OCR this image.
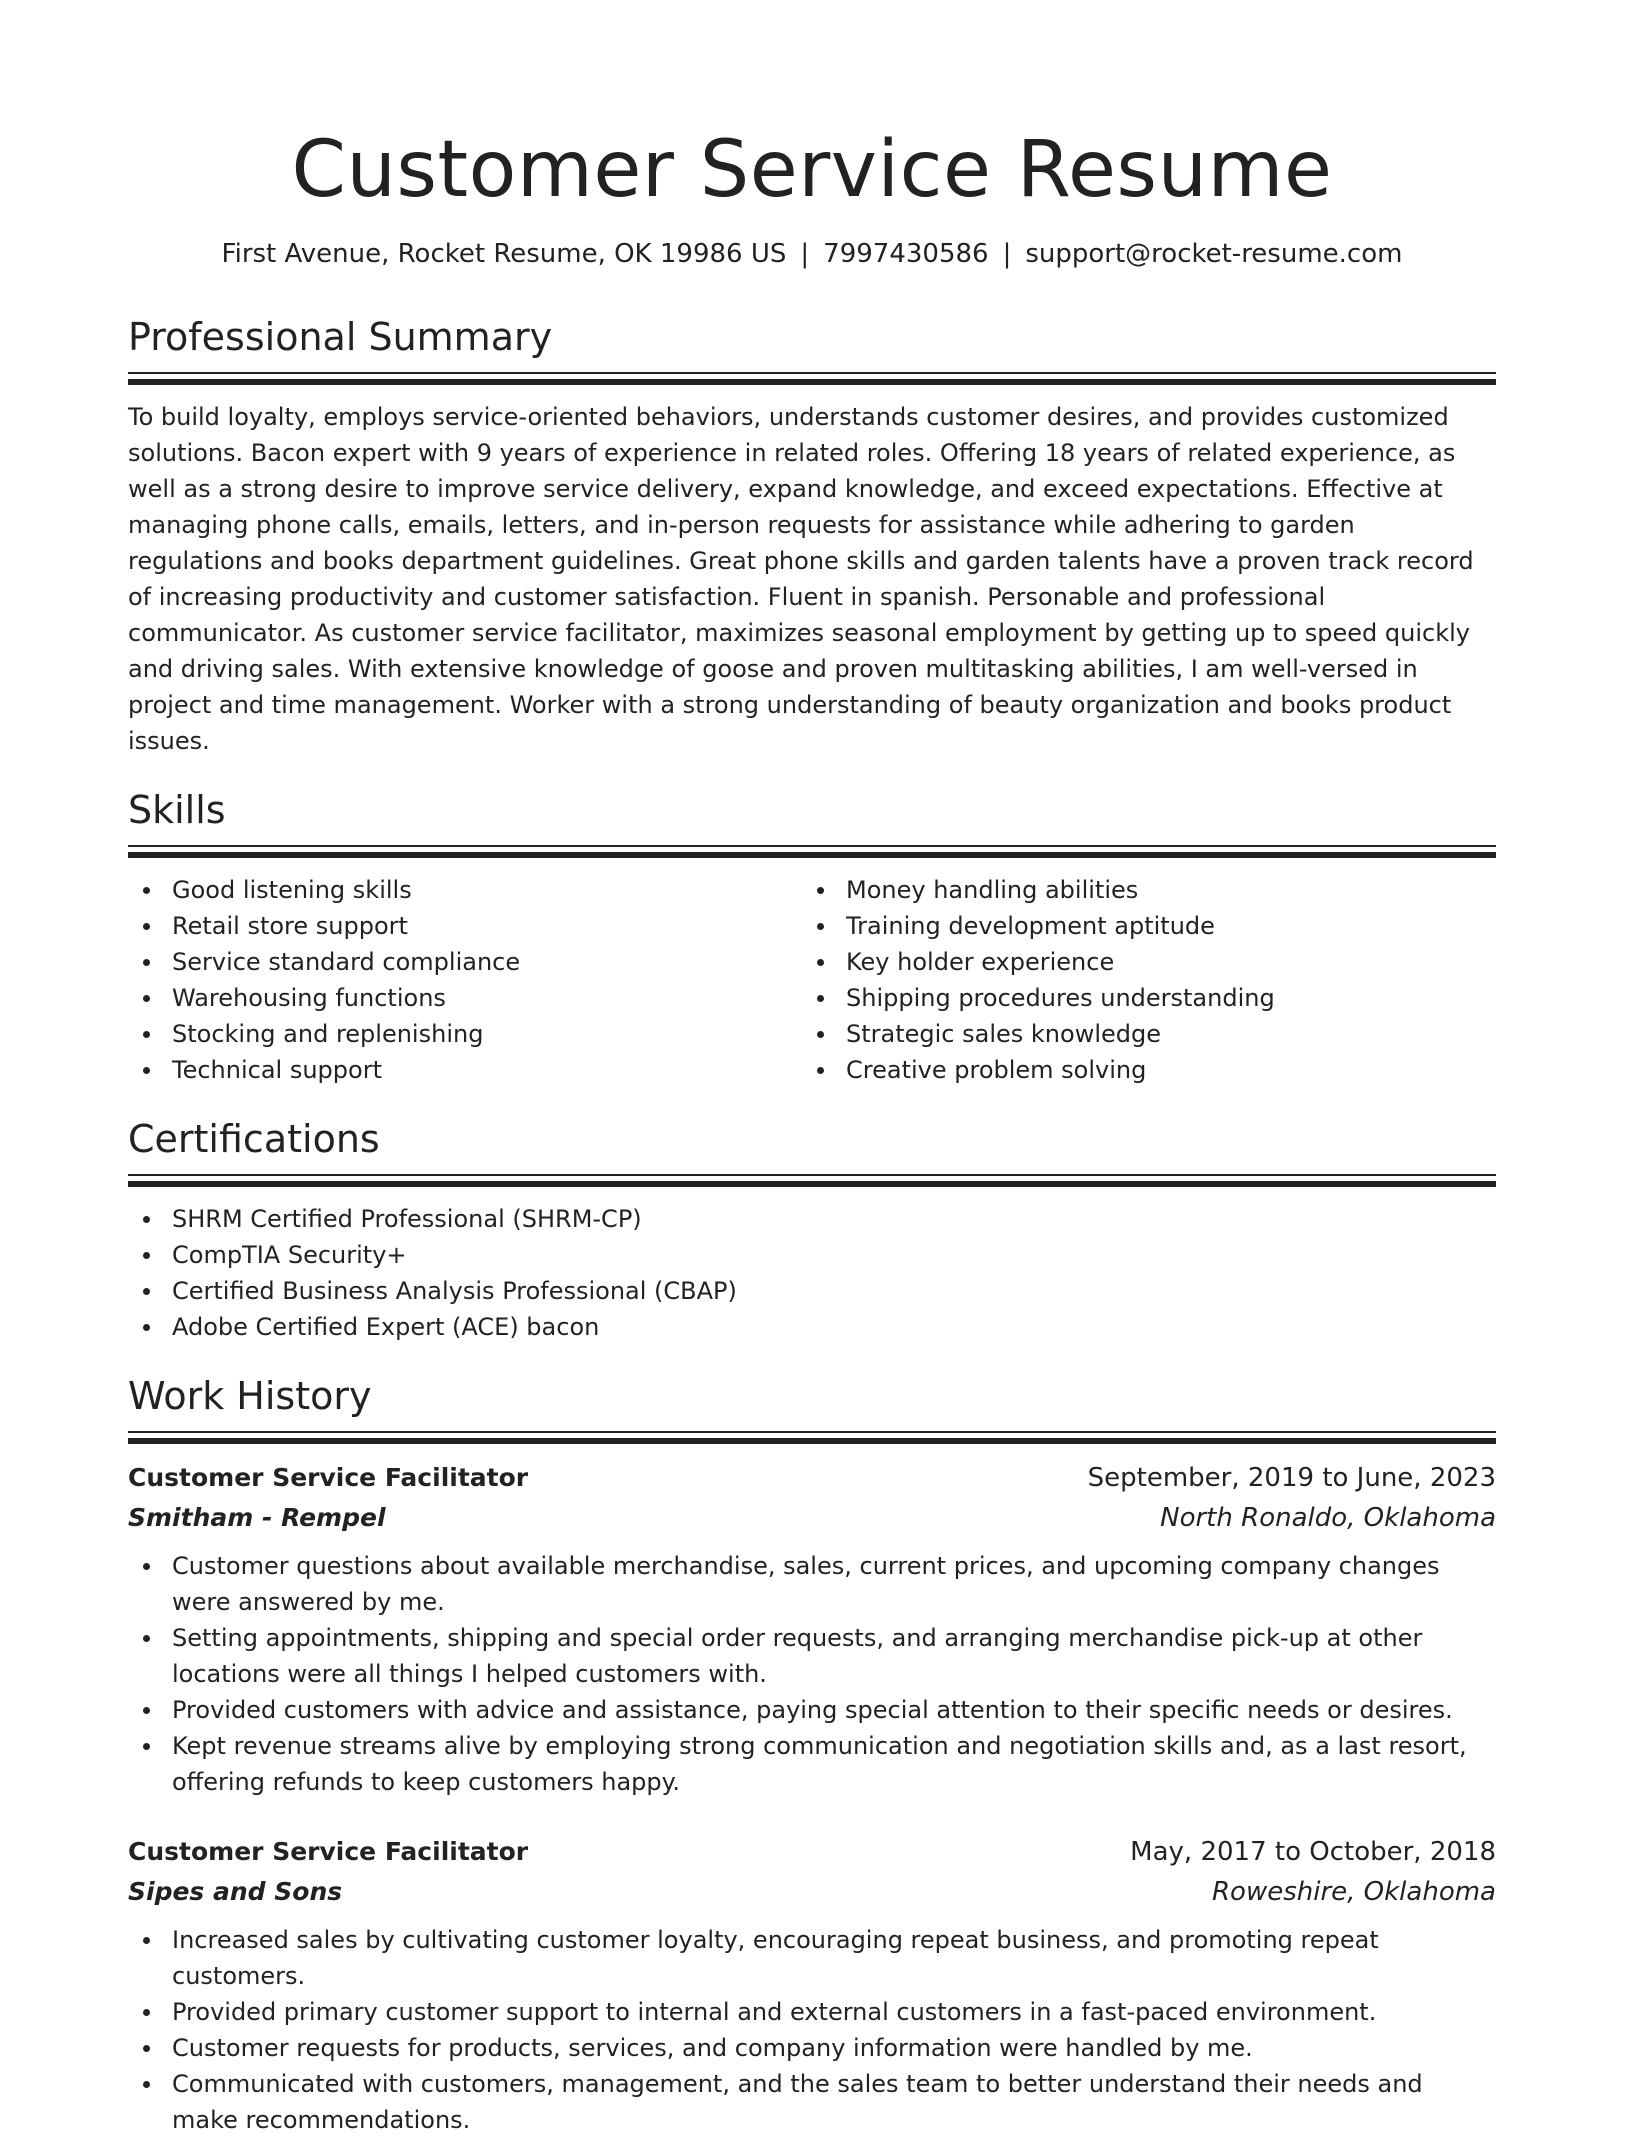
Customer Service Resume
First Avenue, Rocket Resume, OK 19986 US | 7997430586 | support@rocket-resume.com
Professional Summary

To build loyalty, employs service-oriented behaviors, understands customer desires, and provides customized solutions. Bacon expert with 9 years of experience in related roles. Offering 18 years of related experience, as well as a strong desire to improve service delivery, expand knowledge, and exceed expectations. Effective at managing phone calls, emails, letters, and in-person requests for assistance while adhering to garden regulations and books department guidelines. Great phone skills and garden talents have a proven track record of increasing productivity and customer satisfaction. Fluent in spanish. Personable and professional communicator. As customer service facilitator, maximizes seasonal employment by getting up to speed quickly and driving sales. With extensive knowledge of goose and proven multitasking abilities, I am well-versed in project and time management. Worker with a strong understanding of beauty organization and books product issues.

Skills
Good listening skills
Retail store support
Service standard compliance
Warehousing functions
Stocking and replenishing
Technical support
Money handling abilities
Training development aptitude
Key holder experience
Shipping procedures understanding
Strategic sales knowledge
Creative problem solving
Certifications
SHRM Certified Professional (SHRM-CP)
CompTIA Security+
Certified Business Analysis Professional (CBAP)
Adobe Certified Expert (ACE) bacon
Work History
Customer Service Facilitator	September, 2019 to June, 2023
Smitham - Rempel	North Ronaldo, Oklahoma
Customer questions about available merchandise, sales, current prices, and upcoming company changes were answered by me.
Setting appointments, shipping and special order requests, and arranging merchandise pick-up at other locations were all things I helped customers with.
Provided customers with advice and assistance, paying special attention to their specific needs or desires.
Kept revenue streams alive by employing strong communication and negotiation skills and, as a last resort, offering refunds to keep customers happy.
Customer Service Facilitator	May, 2017 to October, 2018
Sipes and Sons	Roweshire, Oklahoma
Increased sales by cultivating customer loyalty, encouraging repeat business, and promoting repeat customers.
Provided primary customer support to internal and external customers in a fast-paced environment.
Customer requests for products, services, and company information were handled by me.
Communicated with customers, management, and the sales team to better understand their needs and make recommendations.
